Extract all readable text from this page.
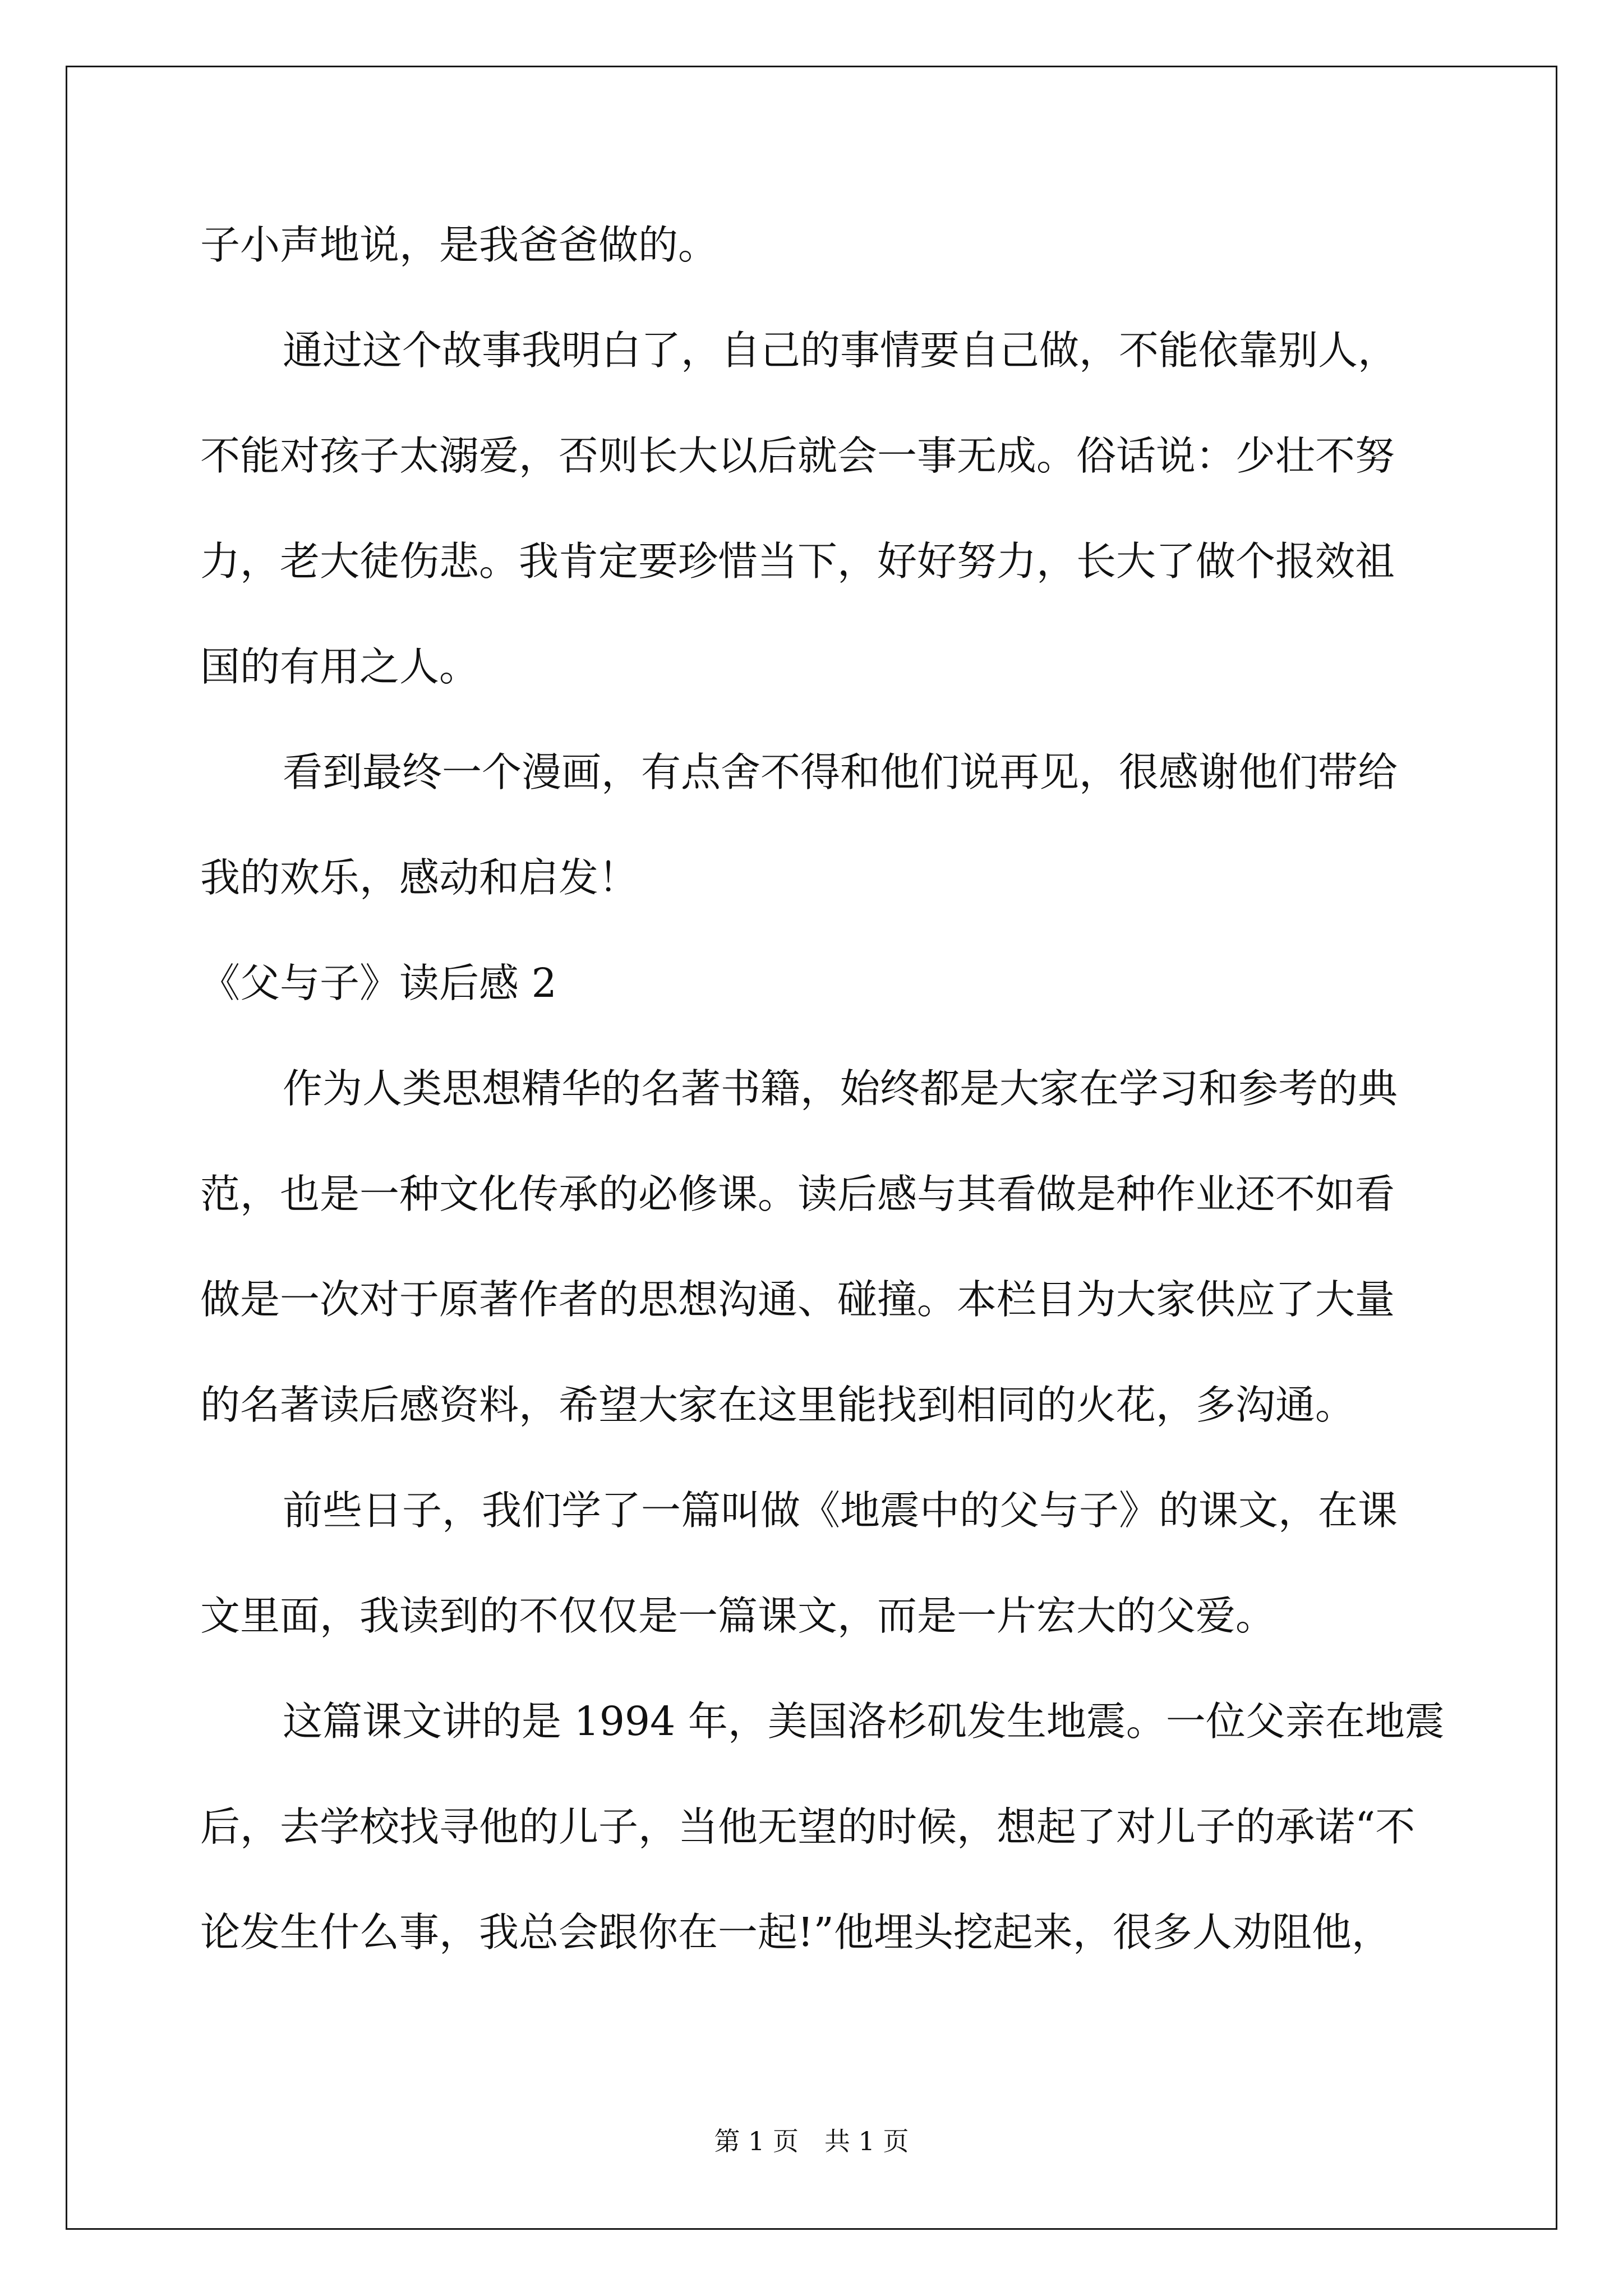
子小声地说，是我爸爸做的。
通过这个故事我明白了，自己的事情要自己做，不能依靠别人，
不能对孩子太溺爱，否则长大以后就会一事无成。俗话说：少壮不努
力，老大徒伤悲。我肯定要珍惜当下，好好努力，长大了做个报效祖
国的有用之人。
看到最终一个漫画，有点舍不得和他们说再见，很感谢他们带给
我的欢乐，感动和启发！
《父与子》读后感 2
作为人类思想精华的名著书籍，始终都是大家在学习和参考的典
范，也是一种文化传承的必修课。读后感与其看做是种作业还不如看
做是一次对于原著作者的思想沟通、碰撞。本栏目为大家供应了大量
的名著读后感资料，希望大家在这里能找到相同的火花，多沟通。
前些日子，我们学了一篇叫做《地震中的父与子》的课文，在课
文里面，我读到的不仅仅是一篇课文，而是一片宏大的父爱。
这篇课文讲的是 1994 年，美国洛杉矶发生地震。一位父亲在地震
后，去学校找寻他的儿子，当他无望的时候，想起了对儿子的承诺“不
论发生什么事，我总会跟你在一起!”他埋头挖起来，很多人劝阻他，
第 1 页　共 1 页
